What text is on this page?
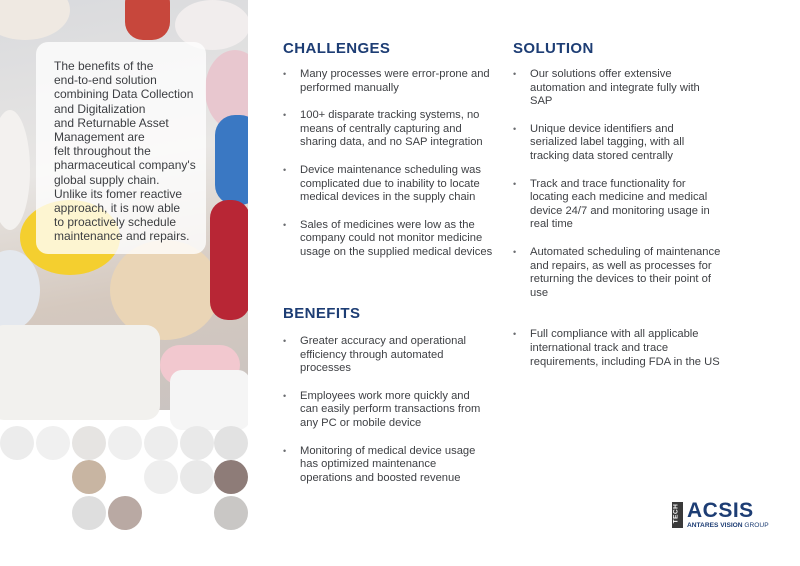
The benefits of the
end-to-end solution
combining Data Collection
and Digitalization
and Returnable Asset
Management are
felt throughout the
pharmaceutical company's
global supply chain.
Unlike its fomer reactive
approach, it is now able
to proactively schedule
maintenance and repairs.

CHALLENGES
• Many processes were error-prone and performed manually
• 100+ disparate tracking systems, no means of centrally capturing and sharing data, and no SAP integration
• Device maintenance scheduling was complicated due to inability to locate medical devices in the supply chain
• Sales of medicines were low as the company could not monitor medicine usage on the supplied medical devices
BENEFITS
• Greater accuracy and operational efficiency through automated processes
• Employees work more quickly and can easily perform transactions from any PC or mobile device
• Monitoring of medical device usage has optimized maintenance operations and boosted revenue
SOLUTION
• Our solutions offer extensive automation and integrate fully with SAP
• Unique device identifiers and serialized label tagging, with all tracking data stored centrally
• Track and trace functionality for locating each medicine and medical device 24/7 and monitoring usage in real time
• Automated scheduling of maintenance and repairs, as well as processes for returning the devices to their point of use
• Full compliance with all applicable international track and trace requirements, including FDA in the US
TECH ACSIS
ANTARES VISION GROUP
